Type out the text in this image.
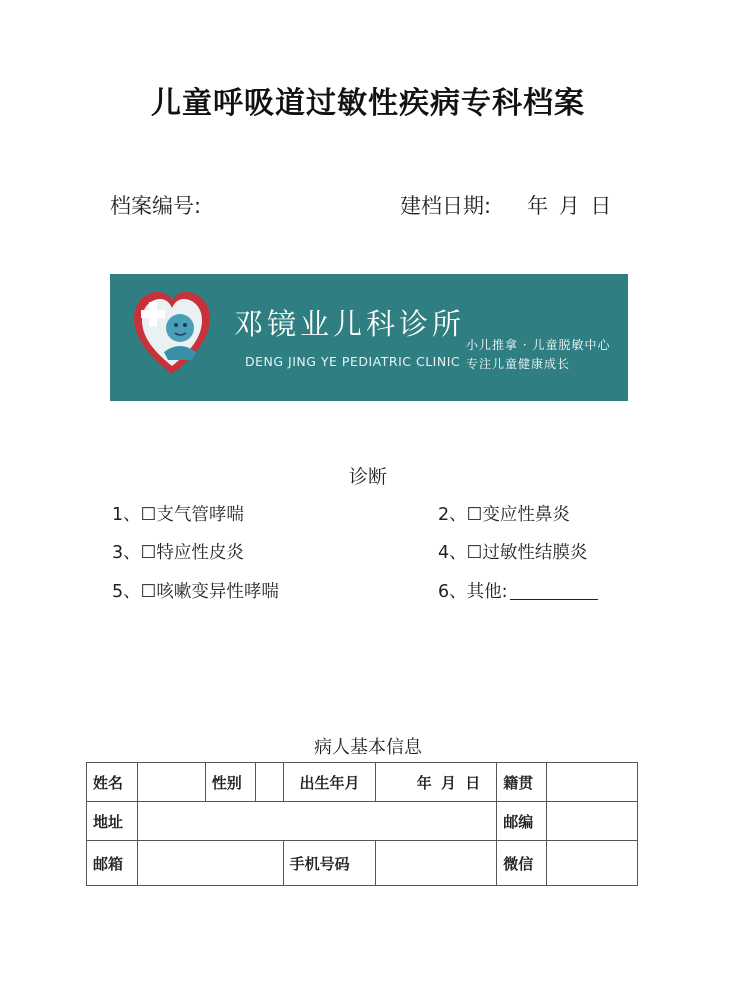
儿童呼吸道过敏性疾病专科档案
档案编号:	建档日期: 年 月 日
邓镜业儿科诊所
DENG JING YE PEDIATRIC CLINIC
小儿推拿 · 儿童脱敏中心
专注儿童健康成长
诊断
1、☐支气管哮喘	2、☐变应性鼻炎
3、☐特应性皮炎	4、☐过敏性结膜炎
5、☐咳嗽变异性哮喘	6、其他:
病人基本信息
姓名		性别		出生年月	年 月 日	籍贯	
地址						邮编	
邮箱				手机号码		微信	
